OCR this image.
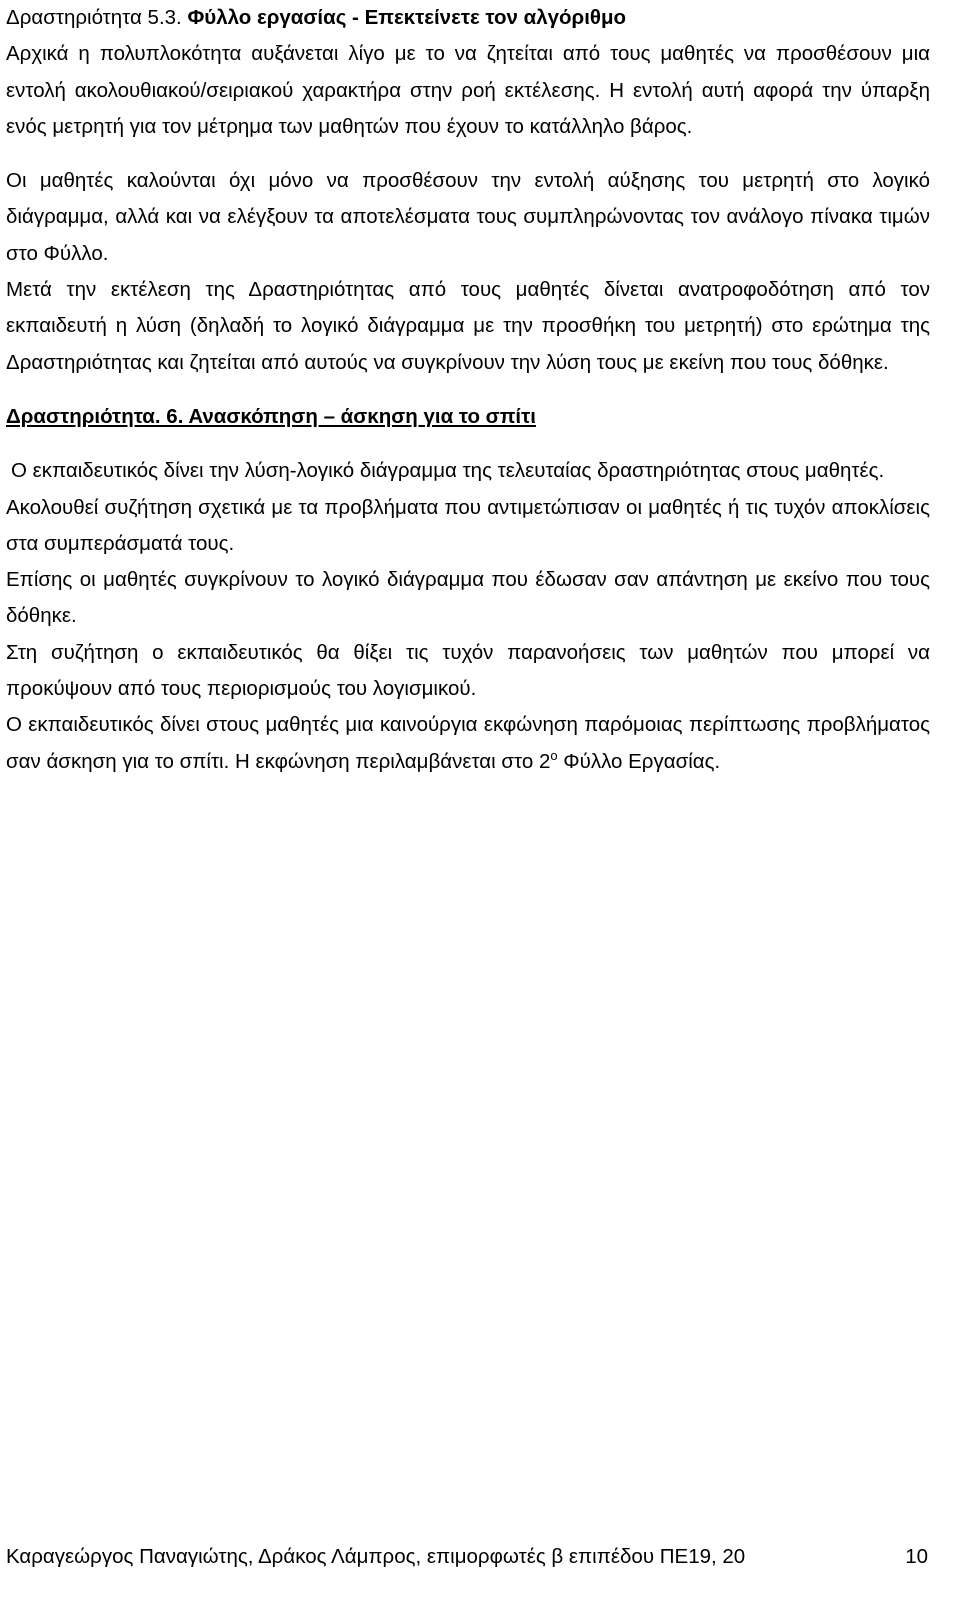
Δραστηριότητα 5.3. Φύλλο εργασίας - Επεκτείνετε τον αλγόριθμο

Αρχικά η πολυπλοκότητα αυξάνεται λίγο με το να ζητείται από τους μαθητές να προσθέσουν μια εντολή ακολουθιακού/σειριακού χαρακτήρα στην ροή εκτέλεσης. Η εντολή αυτή αφορά την ύπαρξη ενός μετρητή για τον μέτρημα των μαθητών που έχουν το κατάλληλο βάρος.

Οι μαθητές καλούνται όχι μόνο να προσθέσουν την εντολή αύξησης του μετρητή στο λογικό διάγραμμα, αλλά και να ελέγξουν τα αποτελέσματα τους συμπληρώνοντας τον ανάλογο πίνακα τιμών στο Φύλλο.

Μετά την εκτέλεση της Δραστηριότητας από τους μαθητές δίνεται ανατροφοδότηση από τον εκπαιδευτή η λύση (δηλαδή το λογικό διάγραμμα με την προσθήκη του μετρητή) στο ερώτημα της Δραστηριότητας και ζητείται από αυτούς να συγκρίνουν την λύση τους με εκείνη που τους δόθηκε.

Δραστηριότητα. 6. Ανασκόπηση – άσκηση για το σπίτι

Ο εκπαιδευτικός δίνει την λύση-λογικό διάγραμμα της τελευταίας δραστηριότητας στους μαθητές.

Ακολουθεί συζήτηση σχετικά με τα προβλήματα που αντιμετώπισαν οι μαθητές ή τις τυχόν αποκλίσεις στα συμπεράσματά τους.

Επίσης οι μαθητές συγκρίνουν το λογικό διάγραμμα που έδωσαν σαν απάντηση με εκείνο που τους δόθηκε.

Στη συζήτηση ο εκπαιδευτικός θα θίξει τις τυχόν παρανοήσεις των μαθητών που μπορεί να προκύψουν από τους περιορισμούς του λογισμικού.

Ο εκπαιδευτικός δίνει στους μαθητές μια καινούργια εκφώνηση παρόμοιας περίπτωσης προβλήματος σαν άσκηση για το σπίτι. Η εκφώνηση περιλαμβάνεται στο $2^o$ Φύλλο Εργασίας.

Καραγεώργος Παναγιώτης, Δράκος Λάμπρος, επιμορφωτές β επιπέδου ΠΕ19, 20	10
